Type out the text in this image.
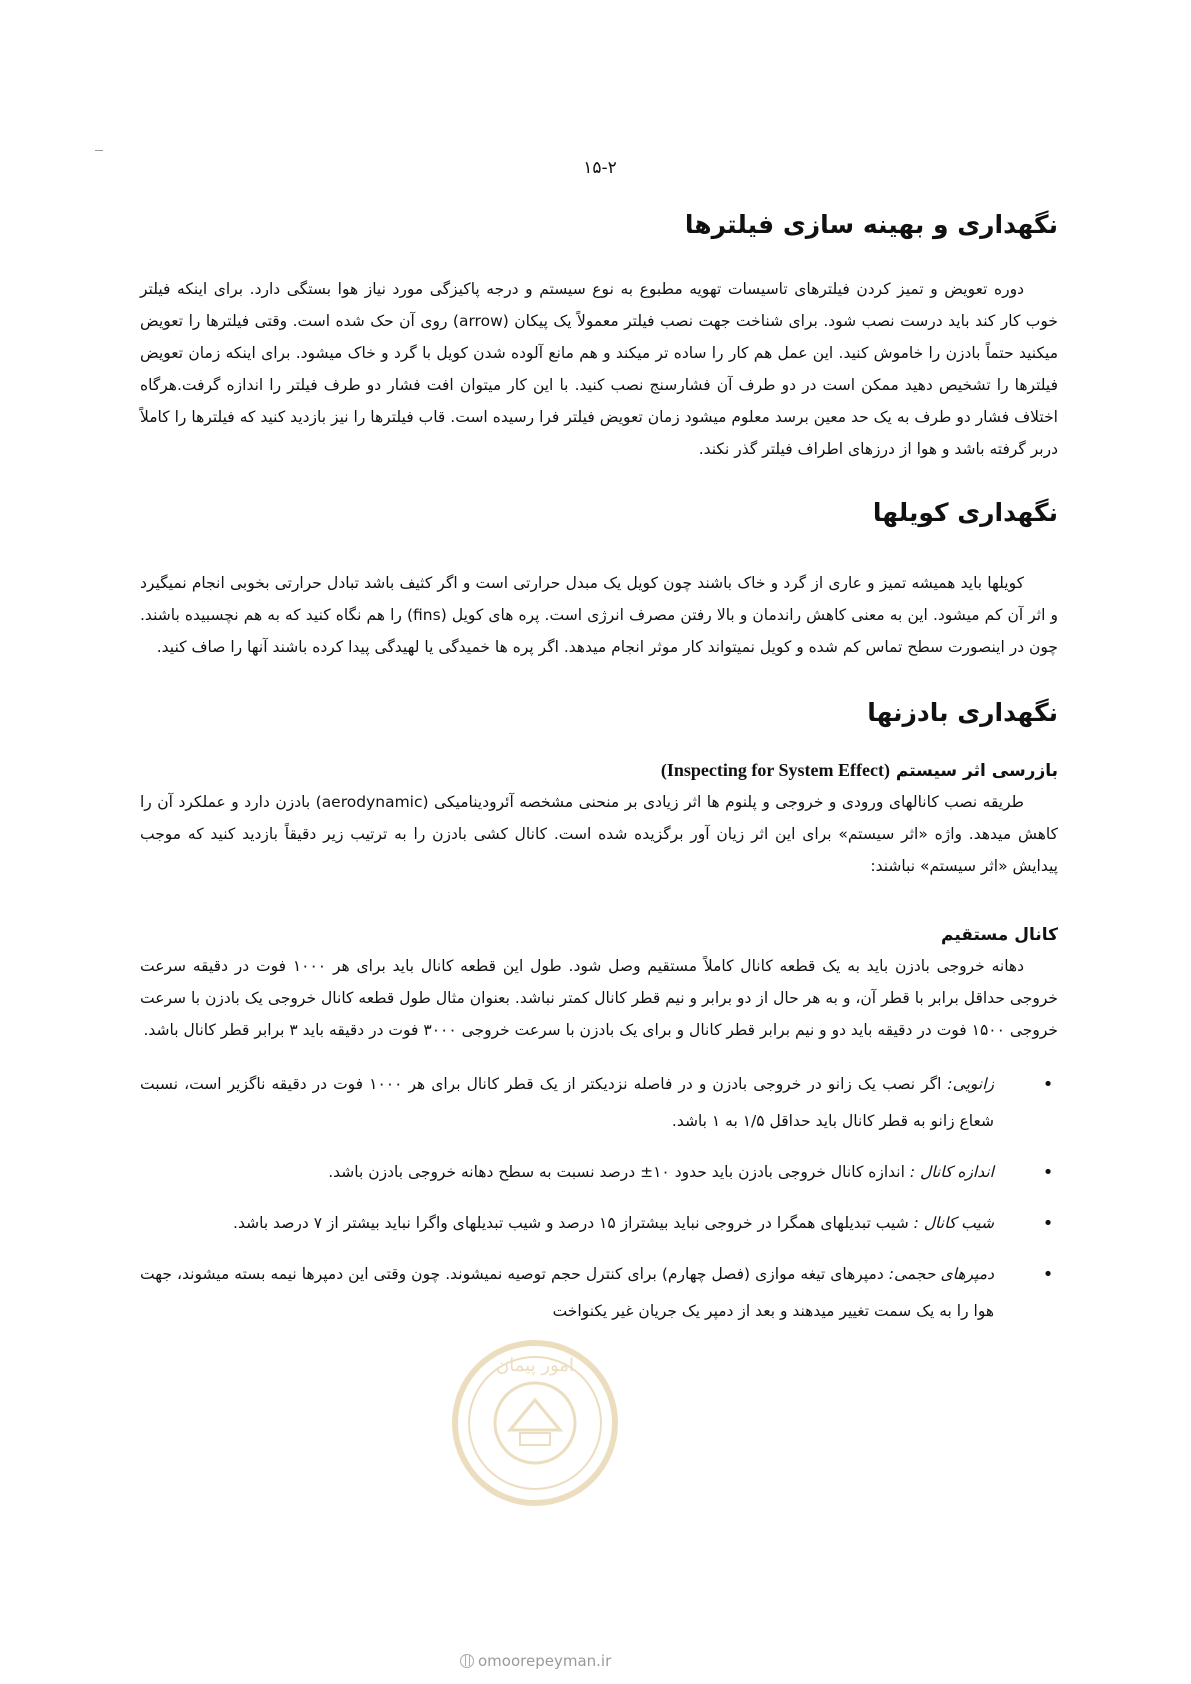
۱۵-۲
نگهداری و بهینه سازی فیلترها

دوره تعویض و تمیز کردن فیلترهای تاسیسات تهویه مطبوع به نوع سیستم و درجه پاکیزگی مورد نیاز هوا بستگی دارد. برای اینکه فیلتر خوب کار کند باید درست نصب شود. برای شناخت جهت نصب فیلتر معمولاً یک پیکان (arrow) روی آن حک شده است. وقتی فیلترها را تعویض میکنید حتماً بادزن را خاموش کنید. این عمل هم کار را ساده تر میکند و هم مانع آلوده شدن کویل با گرد و خاک میشود. برای اینکه زمان تعویض فیلترها را تشخیص دهید ممکن است در دو طرف آن فشارسنج نصب کنید. با این کار میتوان افت فشار دو طرف فیلتر را اندازه گرفت.هرگاه اختلاف فشار دو طرف به یک حد معین برسد معلوم میشود زمان تعویض فیلتر فرا رسیده است. قاب فیلترها را نیز بازدید کنید که فیلترها را کاملاً دربر گرفته باشد و هوا از درزهای اطراف فیلتر گذر نکند.

نگهداری کویلها

کویلها باید همیشه تمیز و عاری از گرد و خاک باشند چون کویل یک مبدل حرارتی است و اگر کثیف باشد تبادل حرارتی بخوبی انجام نمیگیرد و اثر آن کم میشود. این به معنی کاهش راندمان و بالا رفتن مصرف انرژی است. پره های کویل (fins) را هم نگاه کنید که به هم نچسبیده باشند. چون در اینصورت سطح تماس کم شده و کویل نمیتواند کار موثر انجام میدهد. اگر پره ها خمیدگی یا لهیدگی پیدا کرده باشند آنها را صاف کنید.

نگهداری بادزنها
بازرسی اثر سیستم (Inspecting for System Effect)

طریقه نصب کانالهای ورودی و خروجی و پلنوم ها اثر زیادی بر منحنی مشخصه آئرودینامیکی (aerodynamic) بادزن دارد و عملکرد آن را کاهش میدهد. واژه «اثر سیستم» برای این اثر زیان آور برگزیده شده است. کانال کشی بادزن را به ترتیب زیر دقیقاً بازدید کنید که موجب پیدایش «اثر سیستم» نباشند:

کانال مستقیم

دهانه خروجی بادزن باید به یک قطعه کانال کاملاً مستقیم وصل شود. طول این قطعه کانال باید برای هر ۱۰۰۰ فوت در دقیقه سرعت خروجی حداقل برابر با قطر آن، و به هر حال از دو برابر و نیم قطر کانال کمتر نباشد. بعنوان مثال طول قطعه کانال خروجی یک بادزن با سرعت خروجی ۱۵۰۰ فوت در دقیقه باید دو و نیم برابر قطر کانال و برای یک بادزن با سرعت خروجی ۳۰۰۰ فوت در دقیقه باید ۳ برابر قطر کانال باشد.

•
زانویی: اگر نصب یک زانو در خروجی بادزن و در فاصله نزدیکتر از یک قطر کانال برای هر ۱۰۰۰ فوت در دقیقه ناگزیر است، نسبت شعاع زانو به قطر کانال باید حداقل ۱/۵ به ۱ باشد.
•
اندازه کانال : اندازه کانال خروجی بادزن باید حدود ۱۰± درصد نسبت به سطح دهانه خروجی بادزن باشد.
•
شیب کانال : شیب تبدیلهای همگرا در خروجی نباید بیشتراز ۱۵ درصد و شیب تبدیلهای واگرا نباید بیشتر از ۷ درصد باشد.
•
دمپرهای حجمی: دمپرهای تیغه موازی (فصل چهارم) برای کنترل حجم توصیه نمیشوند. چون وقتی این دمپرها نیمه بسته میشوند، جهت هوا را به یک سمت تغییر میدهند و بعد از دمپر یک جریان غیر یکنواخت
امور پیمان
omoorepeyman.ir
